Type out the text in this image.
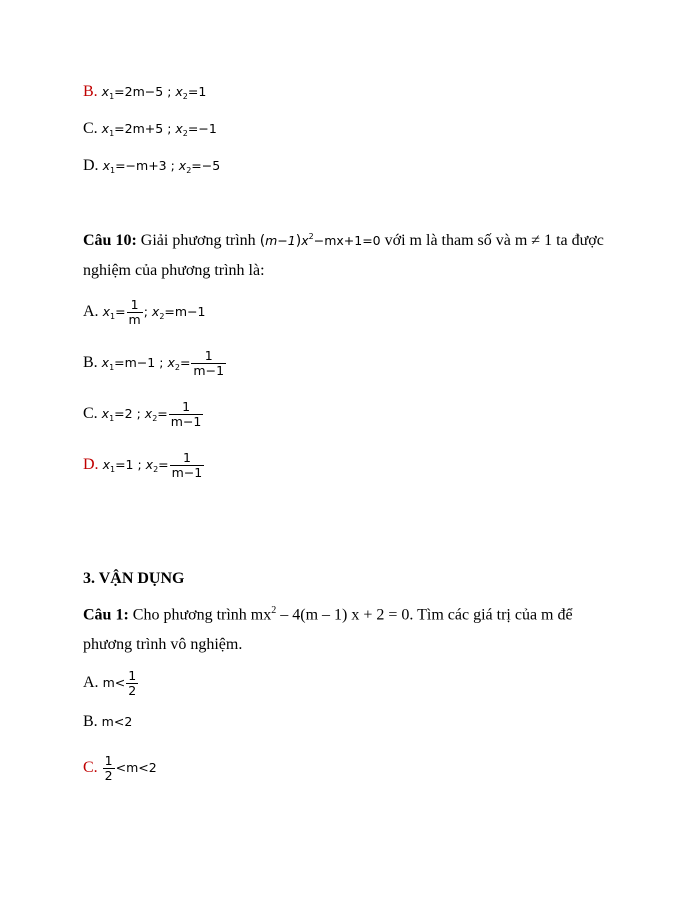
B. $x_1=2m-5$ ; $x_2=1$
C. $x_1=2m+5$ ; $x_2=-1$
D. $x_1=-m+3$ ; $x_2=-5$
Câu 10: Giải phương trình $(m-1)x^2-mx+1=0$ với m là tham số và m ≠ 1 ta được
nghiệm của phương trình là:
A. $x_1= \frac{1}{m}$ ; $x_2=m-1$
B. $x_1=m-1$ ; $x_2= \frac{1}{m-1}$
C. $x_1=2$ ; $x_2= \frac{1}{m-1}$
D. $x_1=1$ ; $x_2= \frac{1}{m-1}$
3. VẬN DỤNG
Câu 1: Cho phương trình $mx^2 - 4(m - 1) x + 2 = 0$. Tìm các giá trị của m để
phương trình vô nghiệm.
A. $m< \frac{1}{2}$
B. m<2
C. $\frac{1}{2} <m<2$
